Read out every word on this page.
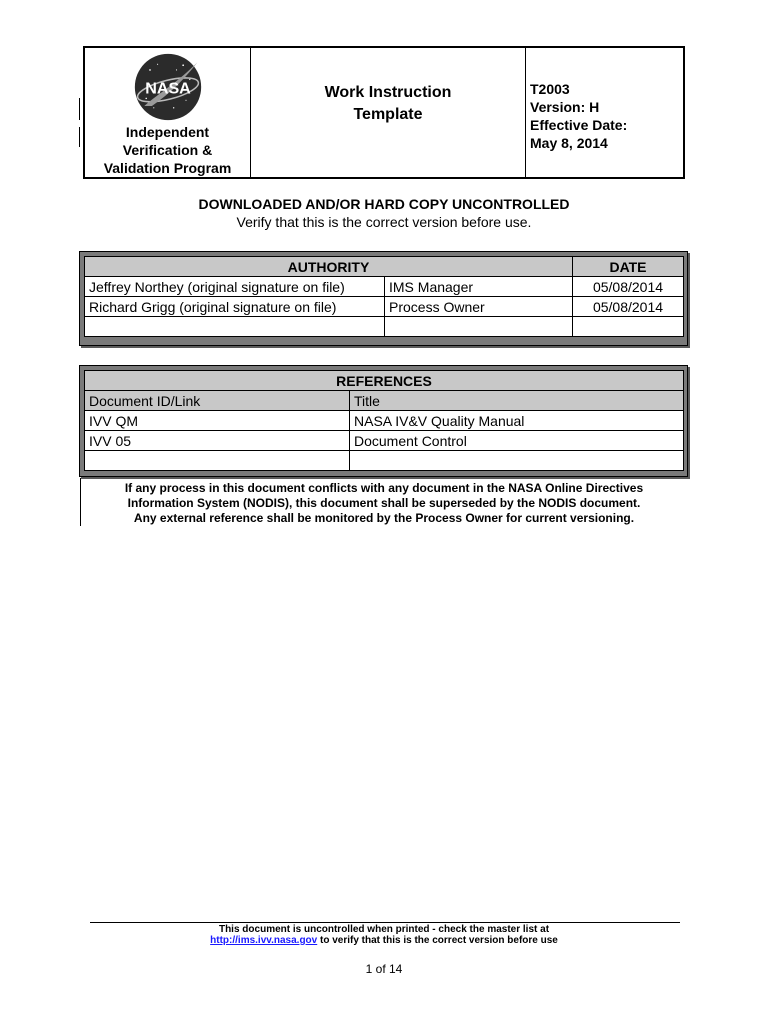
NASA
Independent
Verification &
Validation Program
Work Instruction
Template
T2003
Version: H
Effective Date:
May 8, 2014
DOWNLOADED AND/OR HARD COPY UNCONTROLLED
Verify that this is the correct version before use.
AUTHORITY		DATE
Jeffrey Northey (original signature on file)	IMS Manager	05/08/2014
Richard Grigg (original signature on file)	Process Owner	05/08/2014

REFERENCES	
Document ID/Link	Title
IVV QM	NASA IV&V Quality Manual
IVV 05	Document Control

If any process in this document conflicts with any document in the NASA Online Directives
Information System (NODIS), this document shall be superseded by the NODIS document.
Any external reference shall be monitored by the Process Owner for current versioning.
This document is uncontrolled when printed - check the master list at
http://ims.ivv.nasa.gov to verify that this is the correct version before use
1 of 14
